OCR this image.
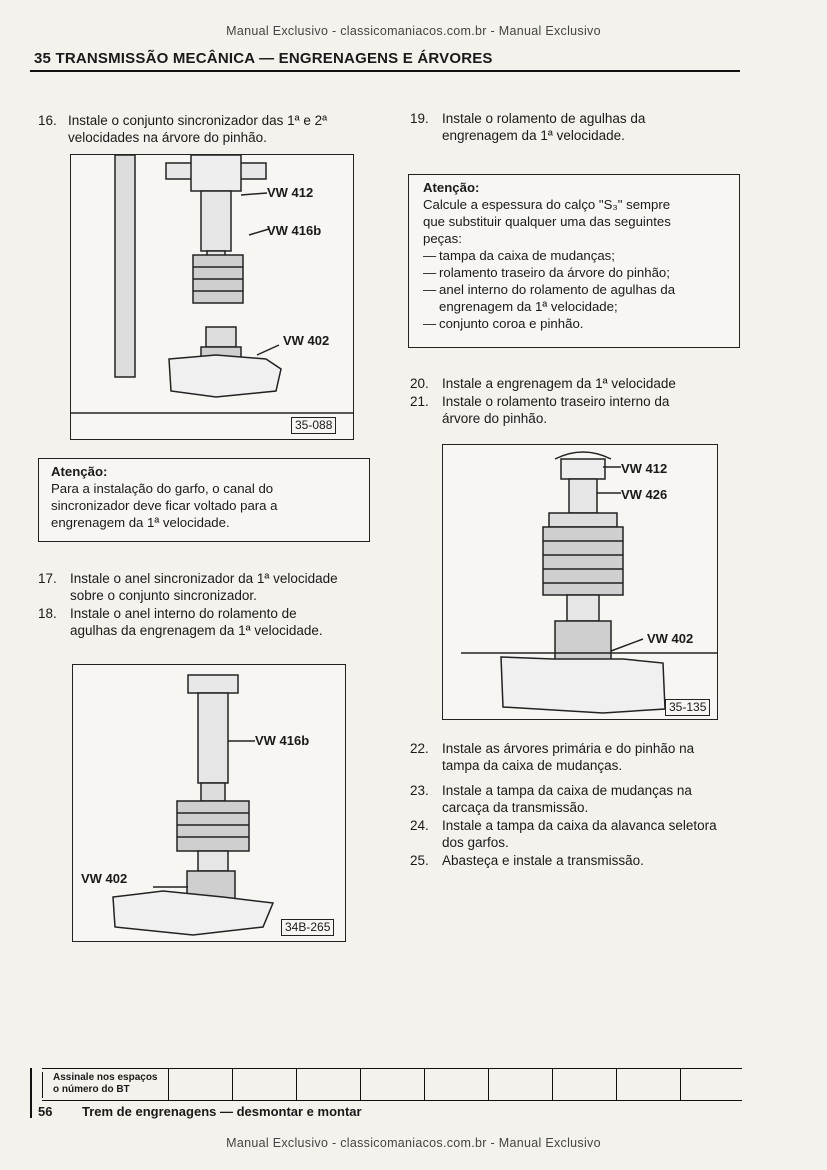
Manual Exclusivo - classicomaniacos.com.br - Manual Exclusivo
Manual Exclusivo - classicomaniacos.com.br - Manual Exclusivo
35 TRANSMISSÃO MECÂNICA — ENGRENAGENS E ÁRVORES
16. Instale o conjunto sincronizador das 1ª e 2ª
velocidades na árvore do pinhão.
VW 412
VW 416b
VW 402
35-088
Atenção:
Para a instalação do garfo, o canal do
sincronizador deve ficar voltado para a
engrenagem da 1ª velocidade.
17. Instale o anel sincronizador da 1ª velocidade
sobre o conjunto sincronizador.
18. Instale o anel interno do rolamento de
agulhas da engrenagem da 1ª velocidade.
VW 416b
VW 402
34B-265
19. Instale o rolamento de agulhas da
engrenagem da 1ª velocidade.
Atenção:
Calcule a espessura do calço "S₃" sempre
que substituir qualquer uma das seguintes
peças:
— tampa da caixa de mudanças;
— rolamento traseiro da árvore do pinhão;
— anel interno do rolamento de agulhas da engrenagem da 1ª velocidade;
— conjunto coroa e pinhão.
20. Instale a engrenagem da 1ª velocidade
21. Instale o rolamento traseiro interno da
árvore do pinhão.
VW 412
VW 426
VW 402
35-135
22. Instale as árvores primária e do pinhão na
tampa da caixa de mudanças.
23. Instale a tampa da caixa de mudanças na
carcaça da transmissão.
24. Instale a tampa da caixa da alavanca seletora
dos garfos.
25. Abasteça e instale a transmissão.
Assinale nos espaços
o número do BT
56 Trem de engrenagens — desmontar e montar
